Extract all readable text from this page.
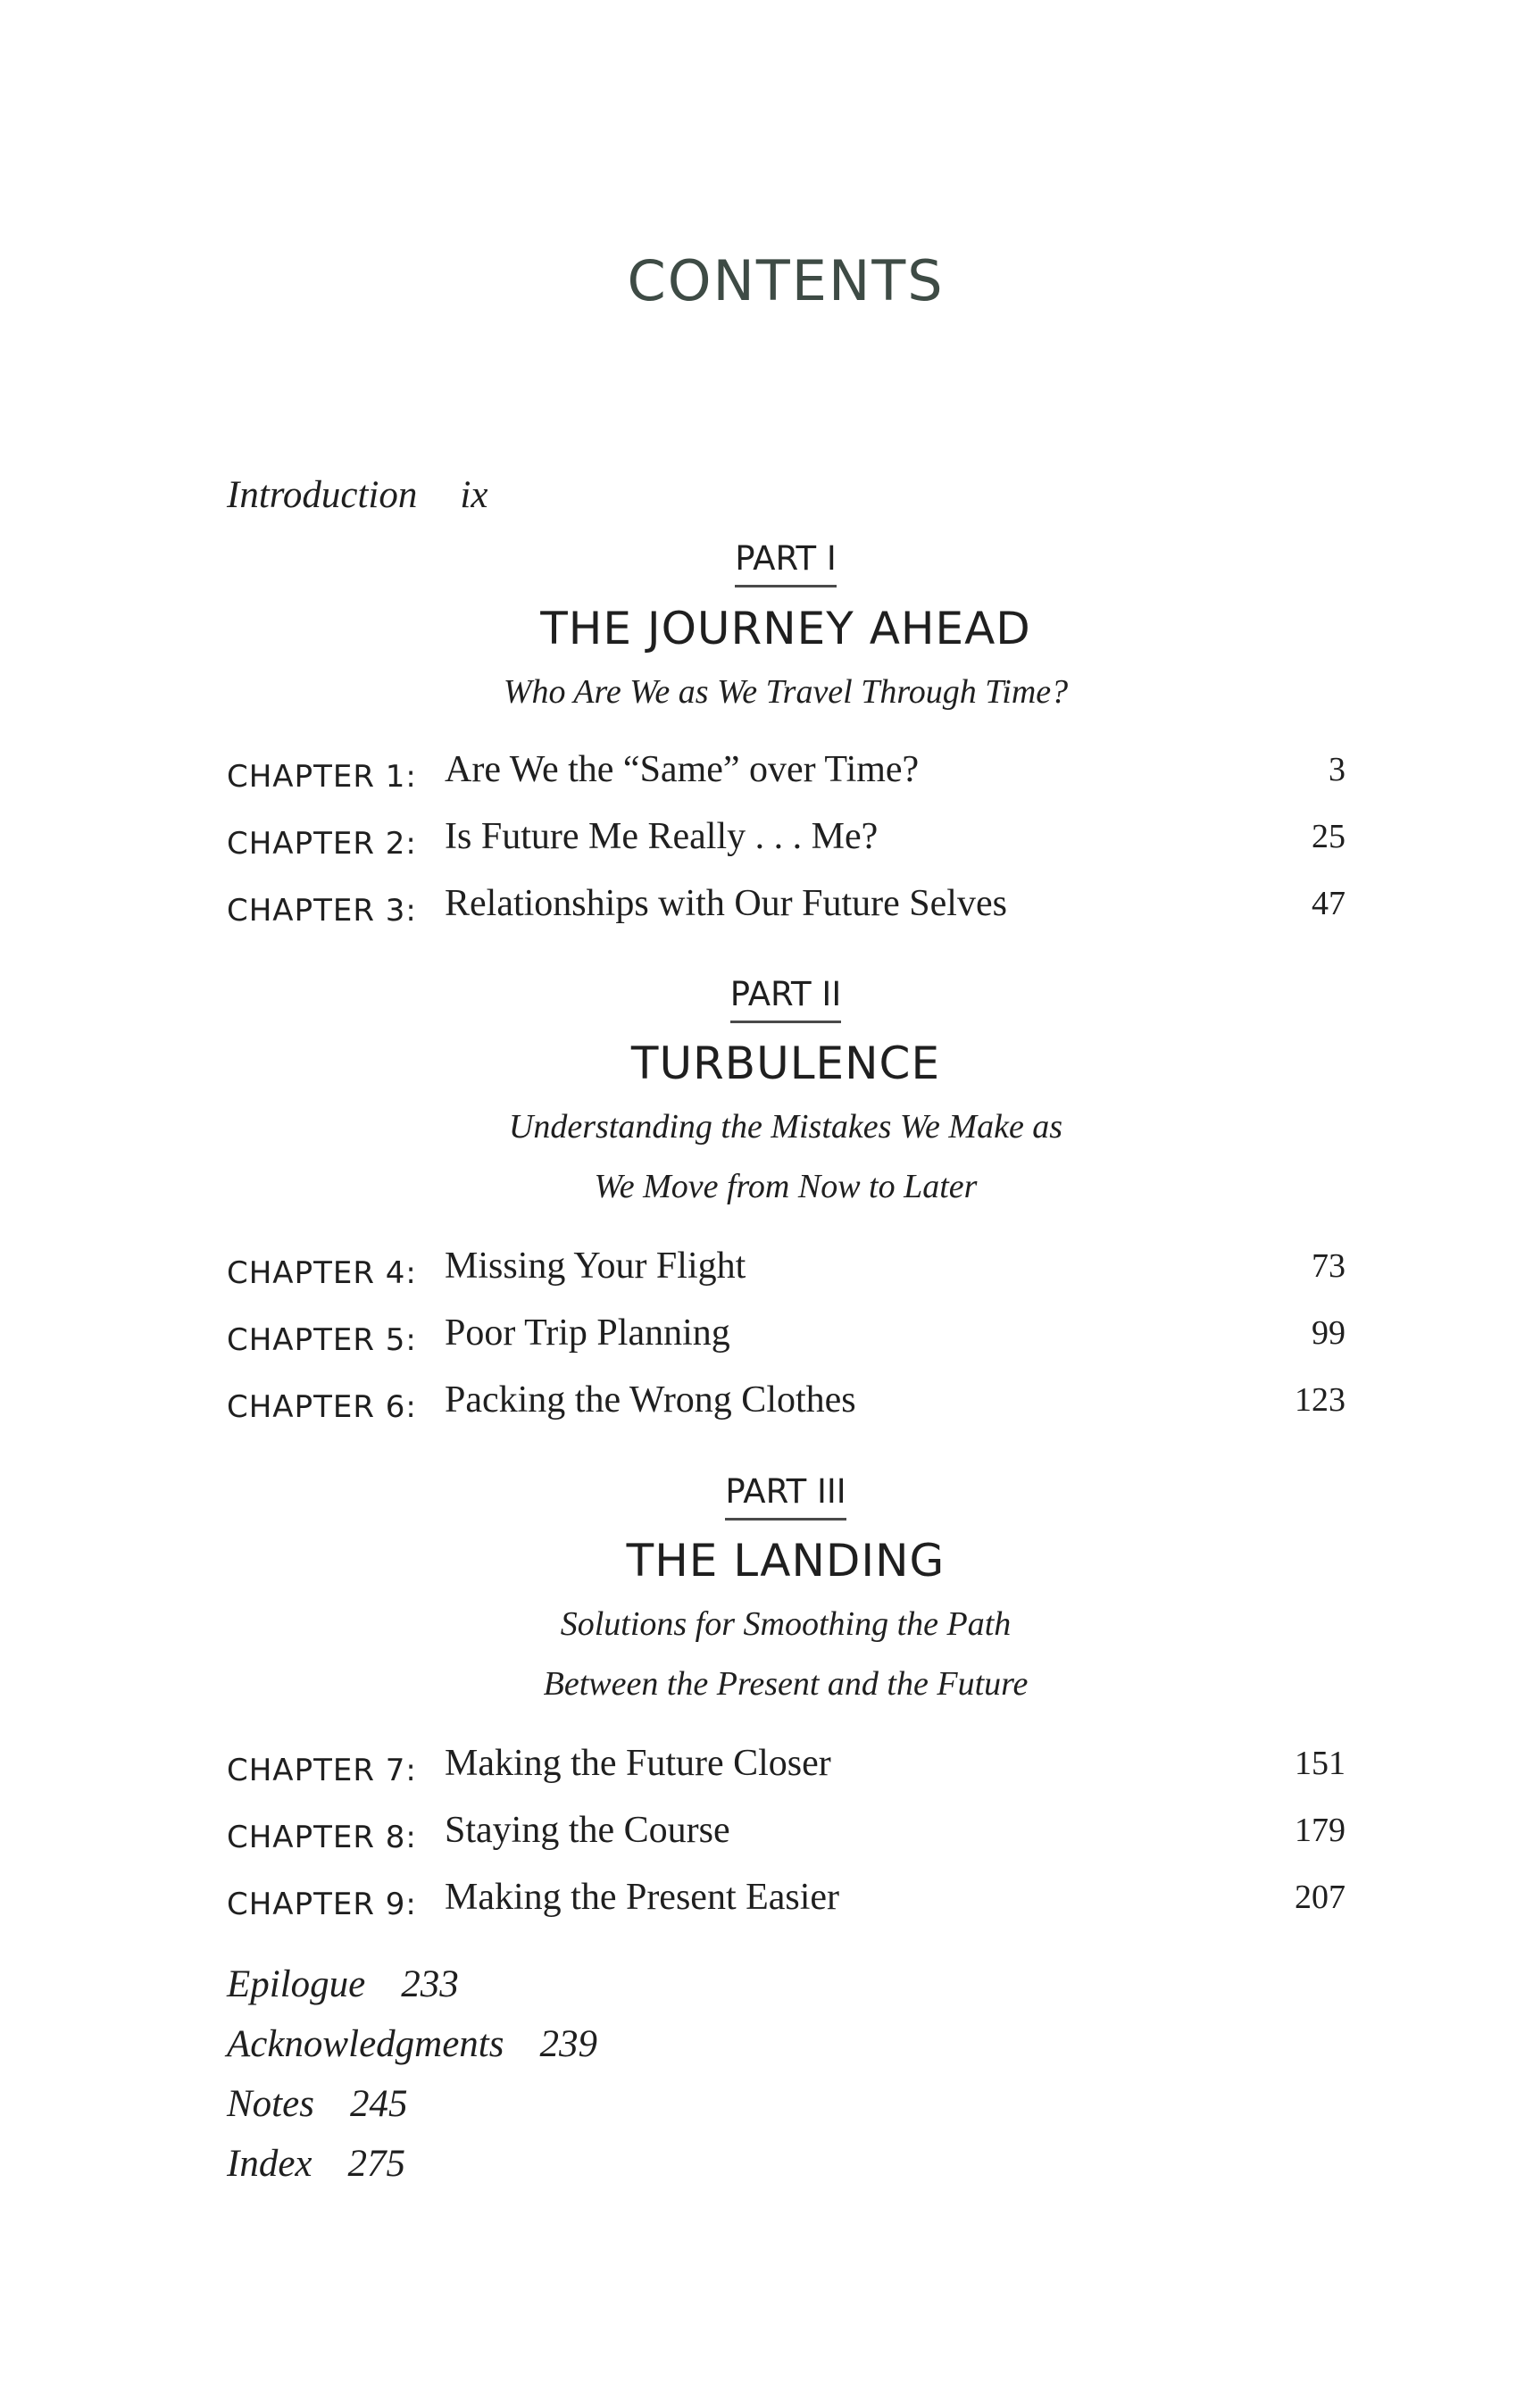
CONTENTS
Introduction ix
PART I
THE JOURNEY AHEAD
Who Are We as We Travel Through Time?
CHAPTER 1: Are We the “Same” over Time?	3
CHAPTER 2: Is Future Me Really . . . Me?	25
CHAPTER 3: Relationships with Our Future Selves	47
PART II
TURBULENCE
Understanding the Mistakes We Make as
We Move from Now to Later
CHAPTER 4: Missing Your Flight	73
CHAPTER 5: Poor Trip Planning	99
CHAPTER 6: Packing the Wrong Clothes	123
PART III
THE LANDING
Solutions for Smoothing the Path
Between the Present and the Future
CHAPTER 7: Making the Future Closer	151
CHAPTER 8: Staying the Course	179
CHAPTER 9: Making the Present Easier	207
Epilogue 233
Acknowledgments 239
Notes 245
Index 275
